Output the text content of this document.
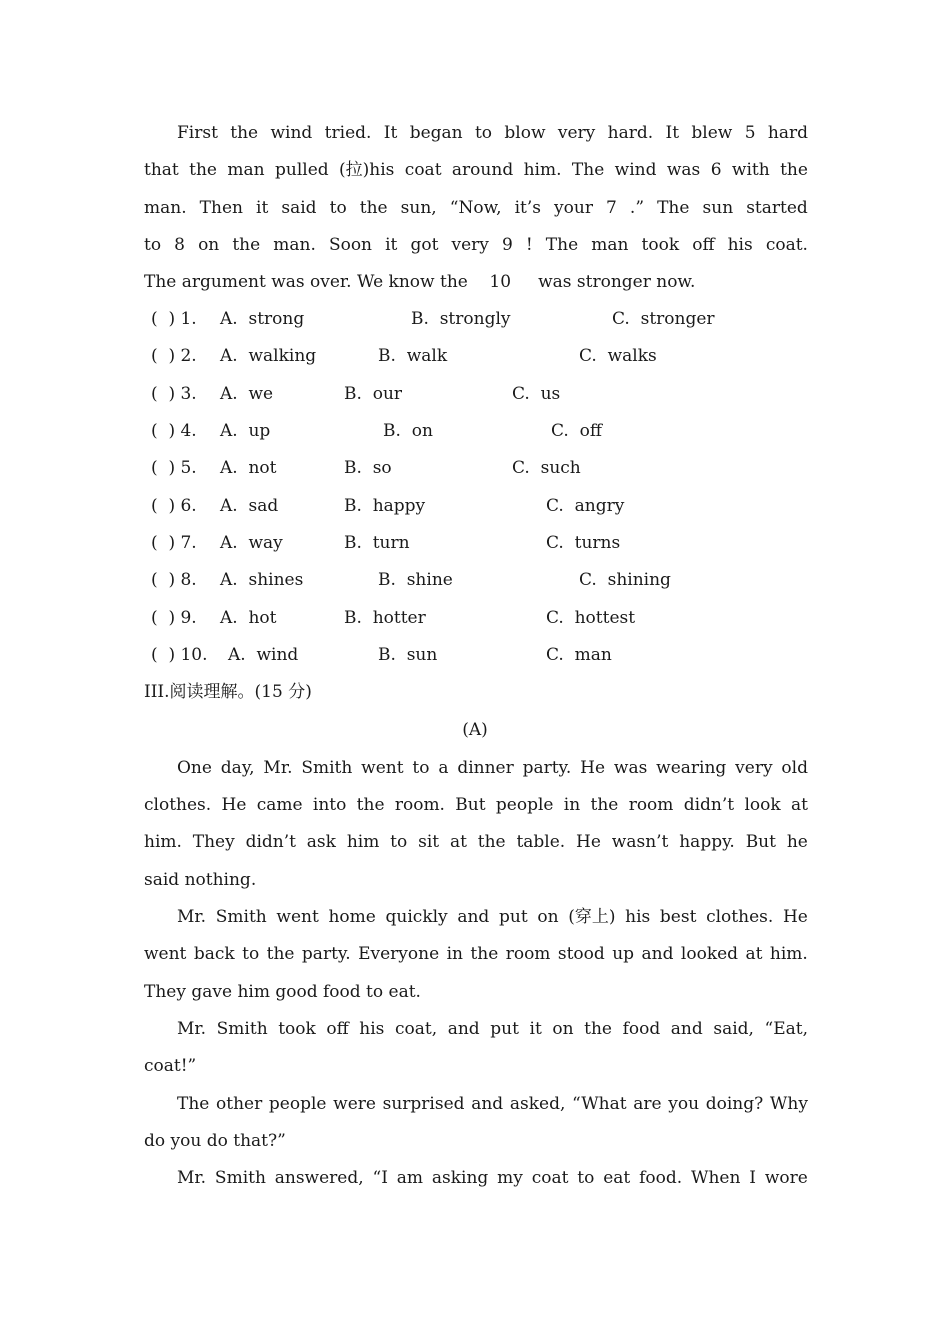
First the wind tried. It began to blow very hard. It blew 5 hard
that the man pulled (拉)his coat around him. The wind was 6 with the
man. Then it said to the sun, “Now, it’s your 7 .” The sun started
to 8 on the man. Soon it got very 9 ! The man took off his coat.
The argument was over. We know the    10     was stronger now.
(  ) 1. A.  strong	B.  strongly	C.  stronger
(  ) 2. A.  walking	B.  walk	C.  walks
(  ) 3. A.  we	B.  our	C.  us
(  ) 4. A.  up	B.  on	C.  off
(  ) 5. A.  not	B.  so	C.  such
(  ) 6. A.  sad	B.  happy	C.  angry
(  ) 7. A.  way	B.  turn	C.  turns
(  ) 8. A.  shines	B.  shine	C.  shining
(  ) 9. A.  hot	B.  hotter	C.  hottest
(  ) 10. A.  wind	B.  sun	C.  man
III.阅读理解。(15 分)
(A)
One day, Mr. Smith went to a dinner party. He was wearing very old
clothes. He came into the room. But people in the room didn’t look at
him. They didn’t ask him to sit at the table. He wasn’t happy. But he
said nothing.
Mr. Smith went home quickly and put on (穿上) his best clothes. He
went back to the party. Everyone in the room stood up and looked at him.
They gave him good food to eat.
Mr. Smith took off his coat, and put it on the food and said, “Eat,
coat!”
The other people were surprised and asked, “What are you doing? Why
do you do that?”
Mr. Smith answered, “I am asking my coat to eat food. When I wore
